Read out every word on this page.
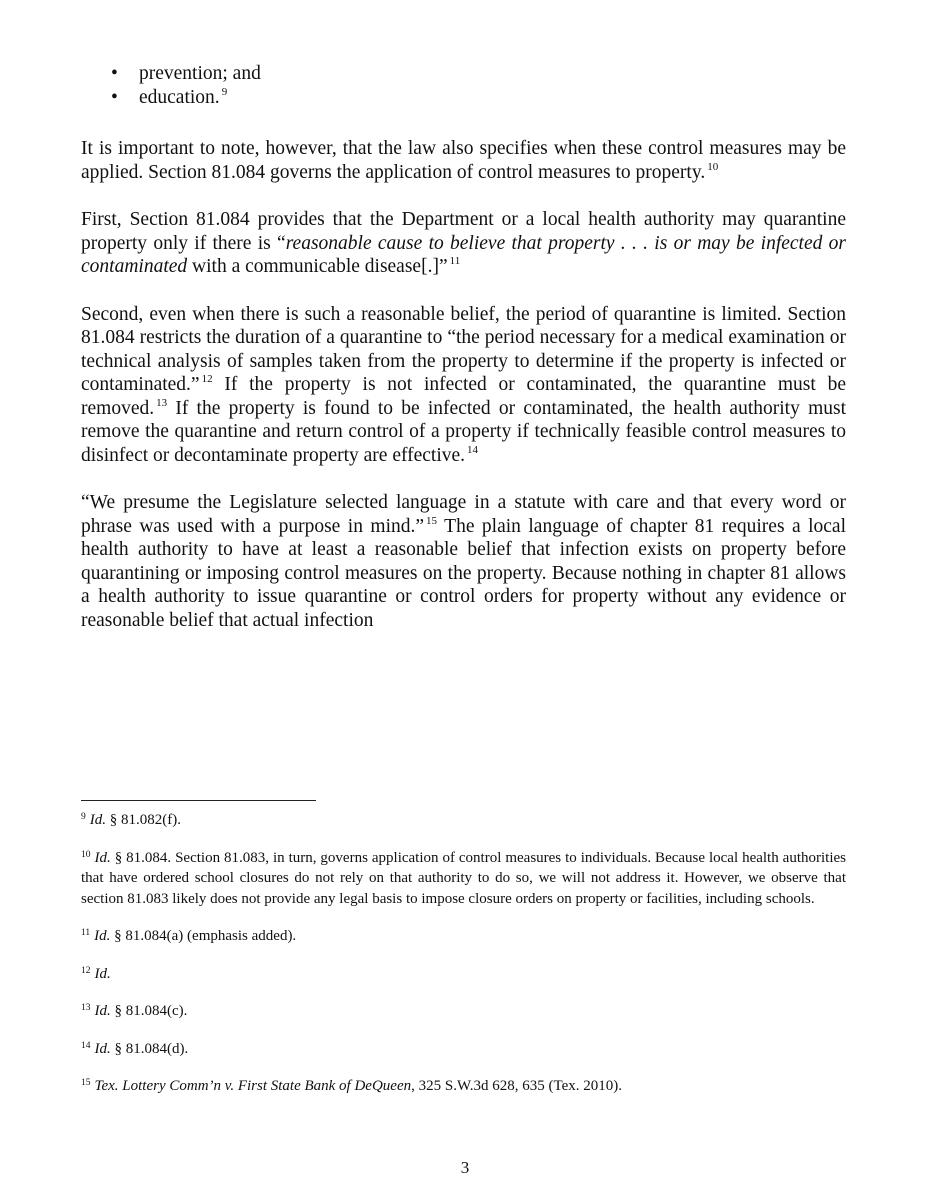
• prevention; and
• education. $^9$

It is important to note, however, that the law also specifies when these control measures may be applied. Section 81.084 governs the application of control measures to property. $^{10}$

First, Section 81.084 provides that the Department or a local health authority may quarantine property only if there is “reasonable cause to believe that property . . . is or may be infected or contaminated with a communicable disease[.]” $^{11}$

Second, even when there is such a reasonable belief, the period of quarantine is limited. Section 81.084 restricts the duration of a quarantine to “the period necessary for a medical examination or technical analysis of samples taken from the property to determine if the property is infected or contaminated.” $^{12}$ If the property is not infected or contaminated, the quarantine must be removed. $^{13}$ If the property is found to be infected or contaminated, the health authority must remove the quarantine and return control of a property if technically feasible control measures to disinfect or decontaminate property are effective. $^{14}$

“We presume the Legislature selected language in a statute with care and that every word or phrase was used with a purpose in mind.” $^{15}$ The plain language of chapter 81 requires a local health authority to have at least a reasonable belief that infection exists on property before quarantining or imposing control measures on the property. Because nothing in chapter 81 allows a health authority to issue quarantine or control orders for property without any evidence or reasonable belief that actual infection

$^9$ Id. § 81.082(f).

$^{10}$ Id. § 81.084. Section 81.083, in turn, governs application of control measures to individuals. Because local health authorities that have ordered school closures do not rely on that authority to do so, we will not address it. However, we observe that section 81.083 likely does not provide any legal basis to impose closure orders on property or facilities, including schools.

$^{11}$ Id. § 81.084(a) (emphasis added).

$^{12}$ Id.

$^{13}$ Id. § 81.084(c).

$^{14}$ Id. § 81.084(d).

$^{15}$ Tex. Lottery Comm’n v. First State Bank of DeQueen, 325 S.W.3d 628, 635 (Tex. 2010).

3
